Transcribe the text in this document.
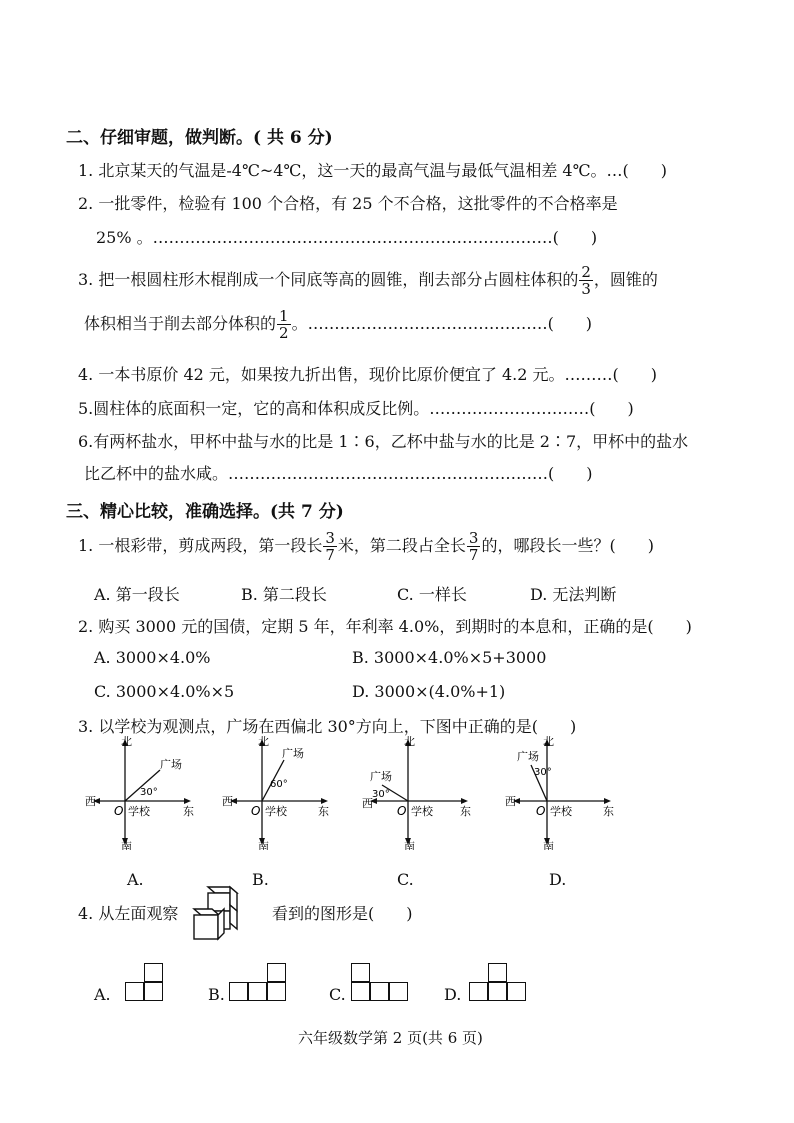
二、仔细审题，做判断。( 共 6 分)
1. 北京某天的气温是-4℃~4℃，这一天的最高气温与最低气温相差 4℃。…(　　)
2. 一批零件，检验有 100 个合格，有 25 个不合格，这批零件的不合格率是
25% 。…………………………………………………………………(　　)
3. 把一根圆柱形木棍削成一个同底等高的圆锥，削去部分占圆柱体积的 $\frac{2}{3}$ ，圆锥的
体积相当于削去部分体积的 $\frac{1}{2}$ 。………………………………………(　　)
4. 一本书原价 42 元，如果按九折出售，现价比原价便宜了 4.2 元。………(　　)
5.圆柱体的底面积一定，它的高和体积成反比例。…………………………(　　)
6.有两杯盐水，甲杯中盐与水的比是 1∶6，乙杯中盐与水的比是 2∶7，甲杯中的盐水
比乙杯中的盐水咸。……………………………………………………(　　)
三、精心比较，准确选择。(共 7 分)
1. 一根彩带，剪成两段，第一段长 $\frac{3}{7}$ 米，第二段占全长 $\frac{3}{7}$ 的，哪段长一些？(　　)
A. 第一段长	B. 第二段长	C. 一样长	D. 无法判断
2. 购买 3000 元的国债，定期 5 年，年利率 4.0%，到期时的本息和，正确的是(　　)
A. 3000×4.0%	B. 3000×4.0%×5+3000
C. 3000×4.0%×5	D. 3000×(4.0%+1)
3. 以学校为观测点，广场在西偏北 30°方向上，下图中正确的是(　　)
北
南
西
东
O 学校
广场
30°
北
南
西
东
O 学校
广场
60°
北
南
西
东
O 学校
广场
30°
北
南
西
东
O 学校
广场
30°
A.	B.	C.	D.
4. 从左面观察	看到的图形是(　　)
A.	B.	C.	D.
六年级数学第 2 页(共 6 页)
